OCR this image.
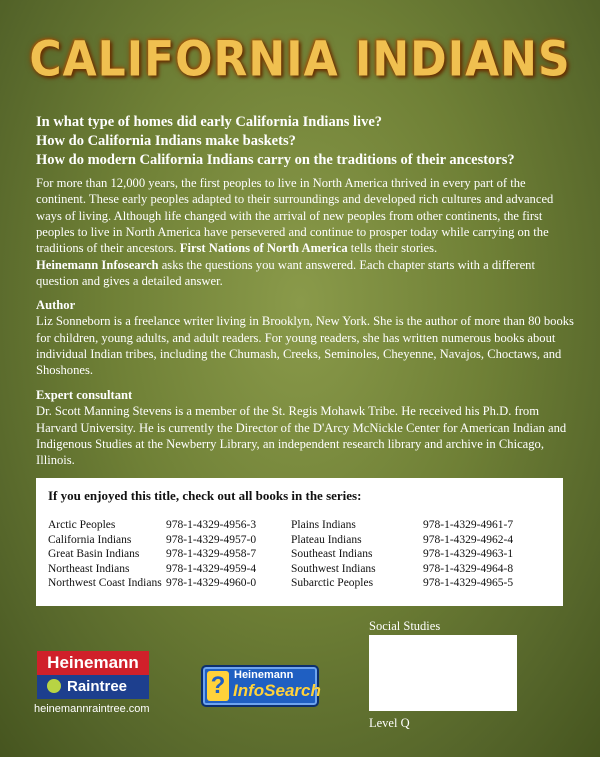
CALIFORNIA INDIANS
In what type of homes did early California Indians live?
How do California Indians make baskets?
How do modern California Indians carry on the traditions of their ancestors?
For more than 12,000 years, the first peoples to live in North America thrived in every part of the continent. These early peoples adapted to their surroundings and developed rich cultures and advanced ways of living. Although life changed with the arrival of new peoples from other continents, the first peoples to live in North America have persevered and continue to prosper today while carrying on the traditions of their ancestors. First Nations of North America tells their stories.
Heinemann Infosearch asks the questions you want answered. Each chapter starts with a different question and gives a detailed answer.
Author
Liz Sonneborn is a freelance writer living in Brooklyn, New York. She is the author of more than 80 books for children, young adults, and adult readers. For young readers, she has written numerous books about individual Indian tribes, including the Chumash, Creeks, Seminoles, Cheyenne, Navajos, Choctaws, and Shoshones.
Expert consultant
Dr. Scott Manning Stevens is a member of the St. Regis Mohawk Tribe. He received his Ph.D. from Harvard University. He is currently the Director of the D'Arcy McNickle Center for American Indian and Indigenous Studies at the Newberry Library, an independent research library and archive in Chicago, Illinois.
If you enjoyed this title, check out all books in the series:
Arctic Peoples	978-1-4329-4956-3
California Indians	978-1-4329-4957-0
Great Basin Indians	978-1-4329-4958-7
Northeast Indians	978-1-4329-4959-4
Northwest Coast Indians 978-1-4329-4960-0
Plains Indians	978-1-4329-4961-7
Plateau Indians	978-1-4329-4962-4
Southeast Indians	978-1-4329-4963-1
Southwest Indians	978-1-4329-4964-8
Subarctic Peoples	978-1-4329-4965-5
Heinemann
Raintree
heinemannraintree.com
? Heinemann
InfoSearch
Social Studies
Level Q
